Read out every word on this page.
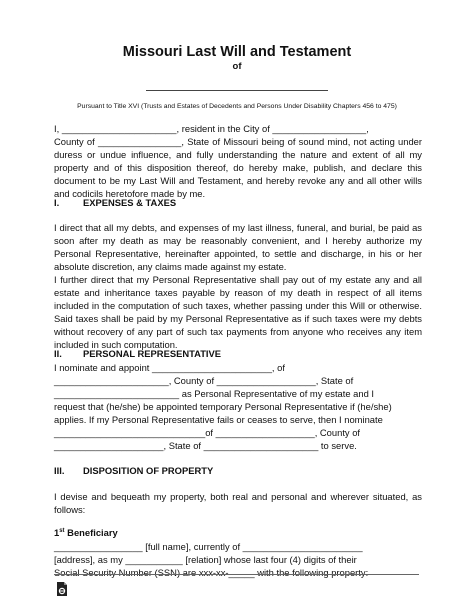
Missouri Last Will and Testament
of
Pursuant to Title XVI (Trusts and Estates of Decedents and Persons Under Disability Chapters 456 to 475)

I, ______________________, resident in the City of __________________,

County of ________________, State of Missouri being of sound mind, not acting under duress or undue influence, and fully understanding the nature and extent of all my property and of this disposition thereof, do hereby make, publish, and declare this document to be my Last Will and Testament, and hereby revoke any and all other wills and codicils heretofore made by me.

I.	EXPENSES & TAXES

I direct that all my debts, and expenses of my last illness, funeral, and burial, be paid as soon after my death as may be reasonably convenient, and I hereby authorize my Personal Representative, hereinafter appointed, to settle and discharge, in his or her absolute discretion, any claims made against my estate.

I further direct that my Personal Representative shall pay out of my estate any and all estate and inheritance taxes payable by reason of my death in respect of all items included in the computation of such taxes, whether passing under this Will or otherwise. Said taxes shall be paid by my Personal Representative as if such taxes were my debts without recovery of any part of such tax payments from anyone who receives any item included in such computation.

II. PERSONAL REPRESENTATIVE

I nominate and appoint _______________________, of

______________________, County of ___________________, State of

________________________ as Personal Representative of my estate and I

request that (he/she) be appointed temporary Personal Representative if (he/she)

applies. If my Personal Representative fails or ceases to serve, then I nominate

_____________________________of ___________________, County of

_____________________, State of ______________________ to serve.

III. DISPOSITION OF PROPERTY

I devise and bequeath my property, both real and personal and wherever situated, as follows:

1st Beneficiary

_________________ [full name], currently of _______________________

[address], as my ___________ [relation] whose last four (4) digits of their

Social Security Number (SSN) are xxx-xx-_____ with the following property:
